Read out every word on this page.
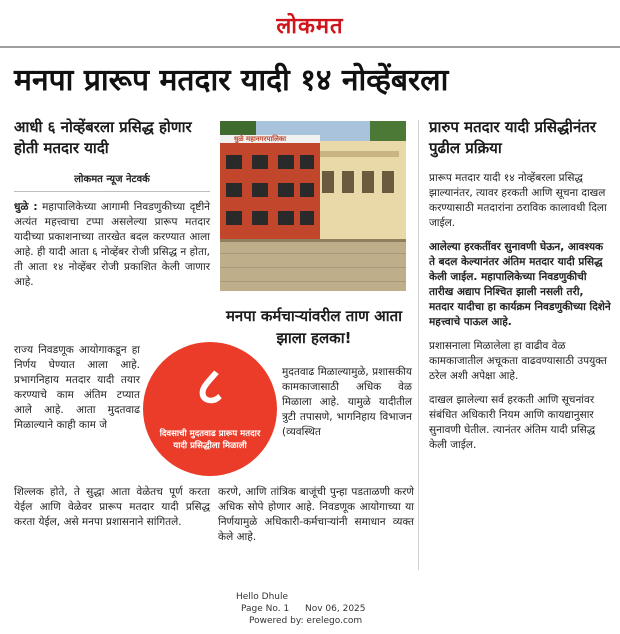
लोकमत
मनपा प्रारूप मतदार यादी १४ नोव्हेंबरला
आधी ६ नोव्हेंबरला प्रसिद्ध होणार होती मतदार यादी
लोकमत न्यूज नेटवर्क

धुळे : महापालिकेच्या आगामी निवडणुकीच्या दृष्टीने अत्यंत महत्त्वाचा टप्पा असलेल्या प्रारूप मतदार यादीच्या प्रकाशनाच्या तारखेत बदल करण्यात आला आहे. ही यादी आता ६ नोव्हेंबर रोजी प्रसिद्ध न होता, ती आता १४ नोव्हेंबर रोजी प्रकाशित केली जाणार आहे.

राज्य निवडणूक आयोगाकडून हा निर्णय घेण्यात आला आहे. प्रभागनिहाय मतदार यादी तयार करण्याचे काम अंतिम टप्यात आले आहे. आता मुदतवाढ मिळाल्याने काही काम जे

शिल्लक होते, ते सुद्धा आता वेळेतच पूर्ण करता येईल आणि वेळेवर प्रारूप मतदार यादी प्रसिद्ध करता येईल, असे मनपा प्रशासनाने सांगितले.

धुळे महानगरपालिका
८
दिवसाची मुदतवाढ प्रारूप मतदार यादी प्रसिद्धीला मिळाली
मनपा कर्मचाऱ्यांवरील ताण आता झाला हलका!

मुदतवाढ मिळाल्यामुळे, प्रशासकीय कामकाजासाठी अधिक वेळ मिळाला आहे. यामुळे यादीतील त्रुटी तपासणे, भागनिहाय विभाजन (व्यवस्थित

करणे, आणि तांत्रिक बाजूंची पुन्हा पडताळणी करणे अधिक सोपे होणार आहे. निवडणूक आयोगाच्या या निर्णयामुळे अधिकारी-कर्मचाऱ्यांनी समाधान व्यक्त केले आहे.

प्रारुप मतदार यादी प्रसिद्धीनंतर पुढील प्रक्रिया

प्रारूप मतदार यादी १४ नोव्हेंबरला प्रसिद्ध झाल्यानंतर, त्यावर हरकती आणि सूचना दाखल करण्यासाठी मतदारांना ठराविक कालावधी दिला जाईल.

आलेल्या हरकतींवर सुनावणी घेऊन, आवश्यक ते बदल केल्यानंतर अंतिम मतदार यादी प्रसिद्ध केली जाईल. महापालिकेच्या निवडणुकीची तारीख अद्याप निश्चित झाली नसली तरी, मतदार यादीचा हा कार्यक्रम निवडणुकीच्या दिशेने महत्त्वाचे पाऊल आहे.

प्रशासनाला मिळालेला हा वाढीव वेळ कामकाजातील अचूकता वाढवण्यासाठी उपयुक्त ठरेल अशी अपेक्षा आहे.

दाखल झालेल्या सर्व हरकती आणि सूचनांवर संबंधित अधिकारी नियम आणि कायद्यानुसार सुनावणी घेतील. त्यानंतर अंतिम यादी प्रसिद्ध केली जाईल.

Hello Dhule
Page No. 1 Nov 06, 2025
Powered by: erelego.com
